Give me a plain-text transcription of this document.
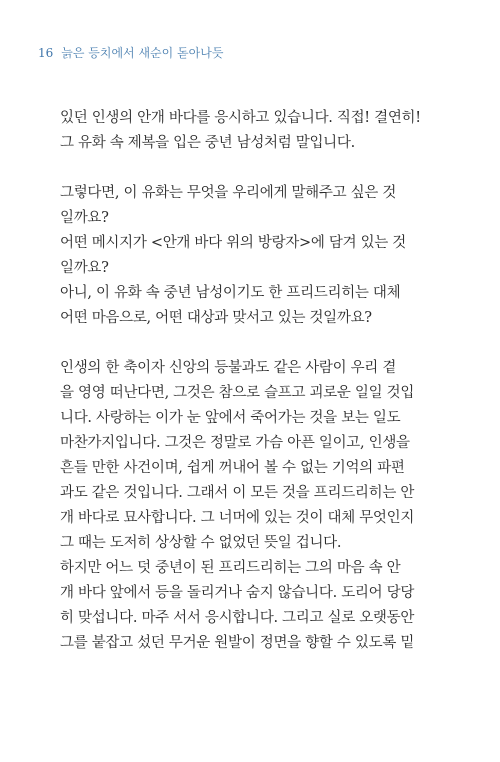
16 늙은 등치에서 새순이 돋아나듯
있던 인생의 안개 바다를 응시하고 있습니다. 직접! 결연히!
그 유화 속 제복을 입은 중년 남성처럼 말입니다.
그렇다면, 이 유화는 무엇을 우리에게 말해주고 싶은 것
일까요?
어떤 메시지가 <안개 바다 위의 방랑자>에 담겨 있는 것
일까요?
아니, 이 유화 속 중년 남성이기도 한 프리드리히는 대체
어떤 마음으로, 어떤 대상과 맞서고 있는 것일까요?
인생의 한 축이자 신앙의 등불과도 같은 사람이 우리 곁
을 영영 떠난다면, 그것은 참으로 슬프고 괴로운 일일 것입
니다. 사랑하는 이가 눈 앞에서 죽어가는 것을 보는 일도
마찬가지입니다. 그것은 정말로 가슴 아픈 일이고, 인생을
흔들 만한 사건이며, 쉽게 꺼내어 볼 수 없는 기억의 파편
과도 같은 것입니다. 그래서 이 모든 것을 프리드리히는 안
개 바다로 묘사합니다. 그 너머에 있는 것이 대체 무엇인지
그 때는 도저히 상상할 수 없었던 뜻일 겁니다.
하지만 어느 덧 중년이 된 프리드리히는 그의 마음 속 안
개 바다 앞에서 등을 돌리거나 숨지 않습니다. 도리어 당당
히 맞섭니다. 마주 서서 응시합니다. 그리고 실로 오랫동안
그를 붙잡고 섰던 무거운 원발이 정면을 향할 수 있도록 밑
